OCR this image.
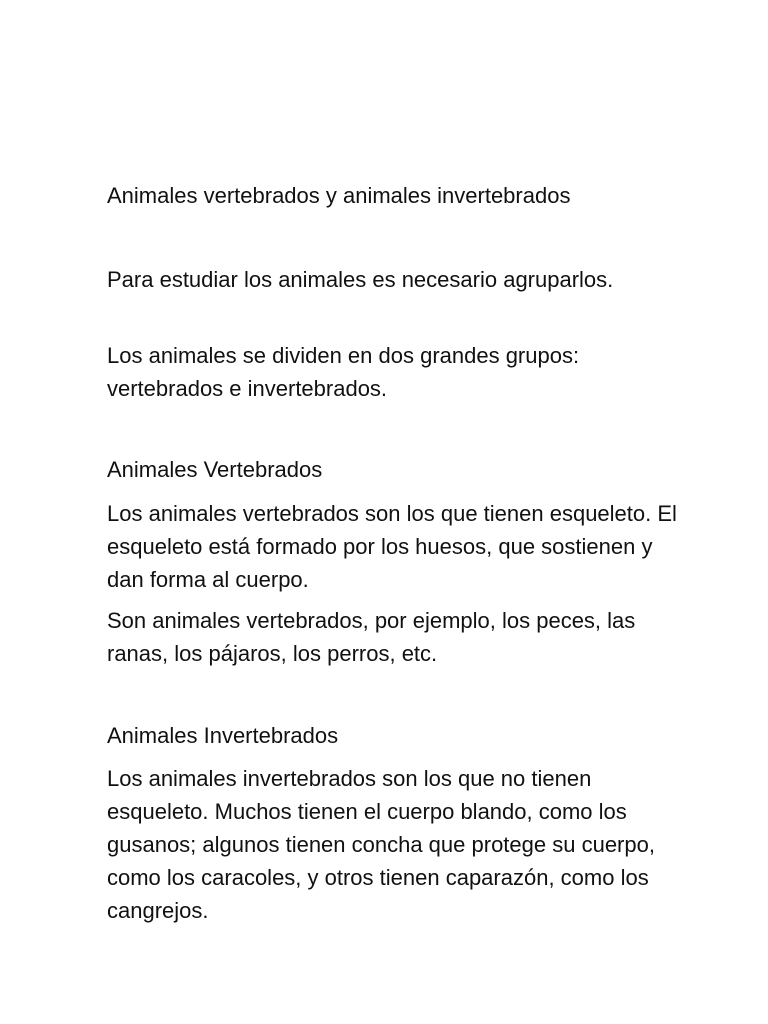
Animales vertebrados y animales invertebrados

Para estudiar los animales es necesario agruparlos.

Los animales se dividen en dos grandes grupos: vertebrados e invertebrados.

Animales Vertebrados

Los animales vertebrados son los que tienen esqueleto. El esqueleto está formado por los huesos, que sostienen y dan forma al cuerpo.

Son animales vertebrados, por ejemplo, los peces, las ranas, los pájaros, los perros, etc.

Animales Invertebrados

Los animales invertebrados son los que no tienen esqueleto. Muchos tienen el cuerpo blando, como los gusanos; algunos tienen concha que protege su cuerpo, como los caracoles, y otros tienen caparazón, como los cangrejos.
